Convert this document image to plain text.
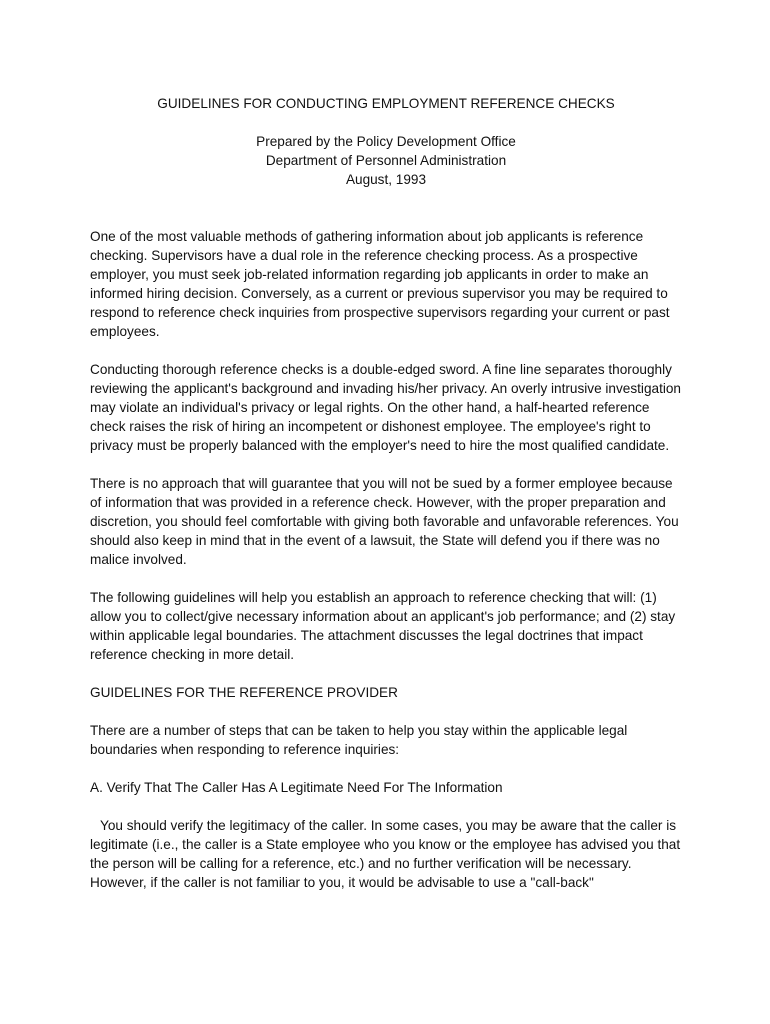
GUIDELINES FOR CONDUCTING EMPLOYMENT REFERENCE CHECKS

Prepared by the Policy Development Office

Department of Personnel Administration

August, 1993

One of the most valuable methods of gathering information about job applicants is reference checking. Supervisors have a dual role in the reference checking process. As a prospective employer, you must seek job-related information regarding job applicants in order to make an informed hiring decision. Conversely, as a current or previous supervisor you may be required to respond to reference check inquiries from prospective supervisors regarding your current or past employees.

Conducting thorough reference checks is a double-edged sword. A fine line separates thoroughly reviewing the applicant's background and invading his/her privacy. An overly intrusive investigation may violate an individual's privacy or legal rights. On the other hand, a half-hearted reference check raises the risk of hiring an incompetent or dishonest employee. The employee's right to privacy must be properly balanced with the employer's need to hire the most qualified candidate.

There is no approach that will guarantee that you will not be sued by a former employee because of information that was provided in a reference check. However, with the proper preparation and discretion, you should feel comfortable with giving both favorable and unfavorable references. You should also keep in mind that in the event of a lawsuit, the State will defend you if there was no malice involved.

The following guidelines will help you establish an approach to reference checking that will: (1) allow you to collect/give necessary information about an applicant's job performance; and (2) stay within applicable legal boundaries. The attachment discusses the legal doctrines that impact reference checking in more detail.

GUIDELINES FOR THE REFERENCE PROVIDER

There are a number of steps that can be taken to help you stay within the applicable legal boundaries when responding to reference inquiries:

A. Verify That The Caller Has A Legitimate Need For The Information

You should verify the legitimacy of the caller. In some cases, you may be aware that the caller is legitimate (i.e., the caller is a State employee who you know or the employee has advised you that the person will be calling for a reference, etc.) and no further verification will be necessary. However, if the caller is not familiar to you, it would be advisable to use a "call-back"
